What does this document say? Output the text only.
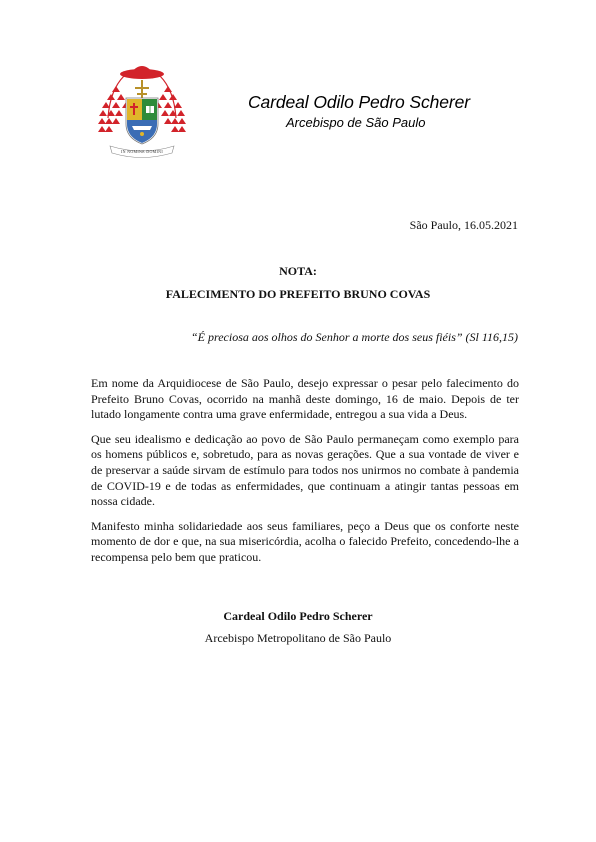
IN NOMINE DOMINI
Cardeal Odilo Pedro Scherer
Arcebispo de São Paulo
São Paulo, 16.05.2021
NOTA:
FALECIMENTO DO PREFEITO BRUNO COVAS
“É preciosa aos olhos do Senhor a morte dos seus fiéis” (Sl 116,15)

Em nome da Arquidiocese de São Paulo, desejo expressar o pesar pelo falecimento do Prefeito Bruno Covas, ocorrido na manhã deste domingo, 16 de maio. Depois de ter lutado longamente contra uma grave enfermidade, entregou a sua vida a Deus.

Que seu idealismo e dedicação ao povo de São Paulo permaneçam como exemplo para os homens públicos e, sobretudo, para as novas gerações. Que a sua vontade de viver e de preservar a saúde sirvam de estímulo para todos nos unirmos no combate à pandemia de COVID-19 e de todas as enfermidades, que continuam a atingir tantas pessoas em nossa cidade.

Manifesto minha solidariedade aos seus familiares, peço a Deus que os conforte neste momento de dor e que, na sua misericórdia, acolha o falecido Prefeito, concedendo-lhe a recompensa pelo bem que praticou.

Cardeal Odilo Pedro Scherer
Arcebispo Metropolitano de São Paulo
